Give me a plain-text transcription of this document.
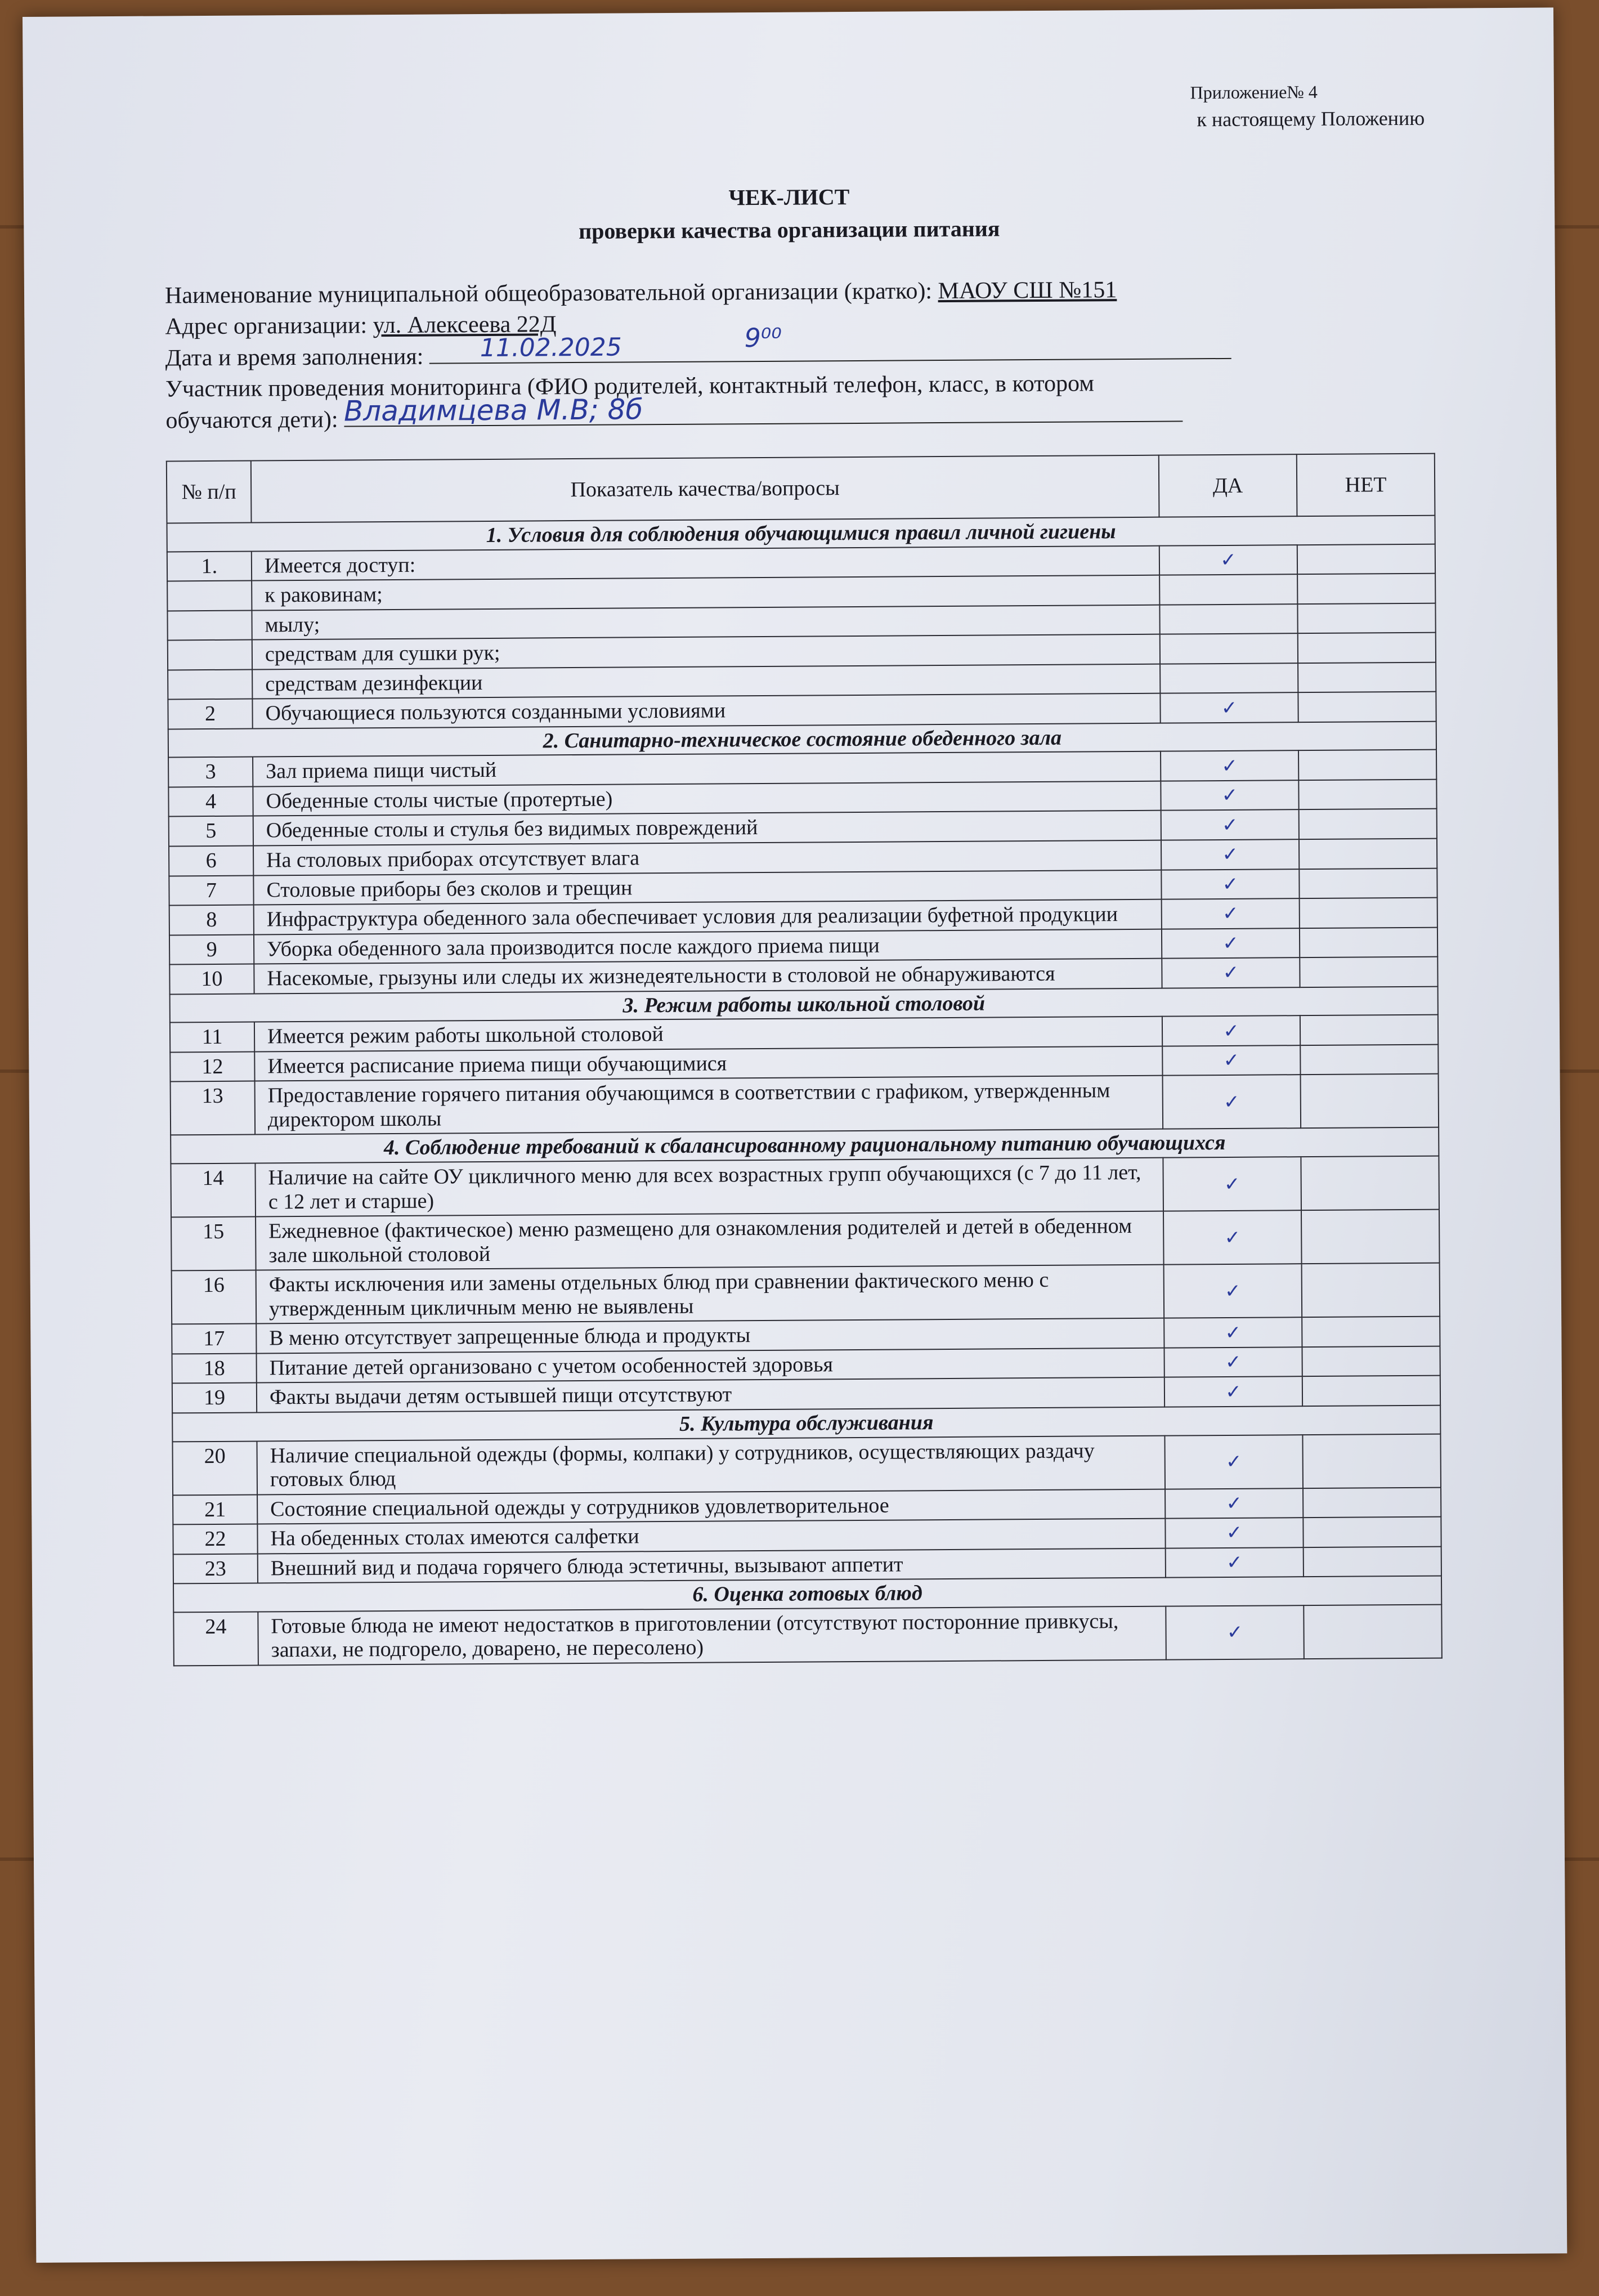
Приложение№ 4
к настоящему Положению
ЧЕК-ЛИСТ
проверки качества организации питания
Наименование муниципальной общеобразовательной организации (кратко): МАОУ СШ №151
Адрес организации: ул. Алексеева 22Д
Дата и время заполнения: 11.02.2025	9⁰⁰
Участник проведения мониторинга (ФИО родителей, контактный телефон, класс, в котором
обучаются дети): Владимцева М.В; 8б
№ п/п	Показатель качества/вопросы	ДА	НЕТ
1. Условия для соблюдения обучающимися правил личной гигиены			
1.	Имеется доступ:	✓	
	к раковинам;		
	мылу;		
	средствам для сушки рук;		
	средствам дезинфекции		
2	Обучающиеся пользуются созданными условиями	✓	
2. Санитарно-техническое состояние обеденного зала			
3	Зал приема пищи чистый	✓	
4	Обеденные столы чистые (протертые)	✓	
5	Обеденные столы и стулья без видимых повреждений	✓	
6	На столовых приборах отсутствует влага	✓	
7	Столовые приборы без сколов и трещин	✓	
8	Инфраструктура обеденного зала обеспечивает условия для реализации буфетной продукции	✓	
9	Уборка обеденного зала производится после каждого приема пищи	✓	
10	Насекомые, грызуны или следы их жизнедеятельности в столовой не обнаруживаются	✓	
3. Режим работы школьной столовой			
11	Имеется режим работы школьной столовой	✓	
12	Имеется расписание приема пищи обучающимися	✓	
13	Предоставление горячего питания обучающимся в соответствии с графиком, утвержденным директором школы	✓	
4. Соблюдение требований к сбалансированному рациональному питанию обучающихся			
14	Наличие на сайте ОУ цикличного меню для всех возрастных групп обучающихся (с 7 до 11 лет, с 12 лет и старше)	✓	
15	Ежедневное (фактическое) меню размещено для ознакомления родителей и детей в обеденном зале школьной столовой	✓	
16	Факты исключения или замены отдельных блюд при сравнении фактического меню с утвержденным цикличным меню не выявлены	✓	
17	В меню отсутствует запрещенные блюда и продукты	✓	
18	Питание детей организовано с учетом особенностей здоровья	✓	
19	Факты выдачи детям остывшей пищи отсутствуют	✓	
5. Культура обслуживания			
20	Наличие специальной одежды (формы, колпаки) у сотрудников, осуществляющих раздачу готовых блюд	✓	
21	Состояние специальной одежды у сотрудников удовлетворительное	✓	
22	На обеденных столах имеются салфетки	✓	
23	Внешний вид и подача горячего блюда эстетичны, вызывают аппетит	✓	
6. Оценка готовых блюд			
24	Готовые блюда не имеют недостатков в приготовлении (отсутствуют посторонние привкусы, запахи, не подгорело, доварено, не пересолено)	✓	
